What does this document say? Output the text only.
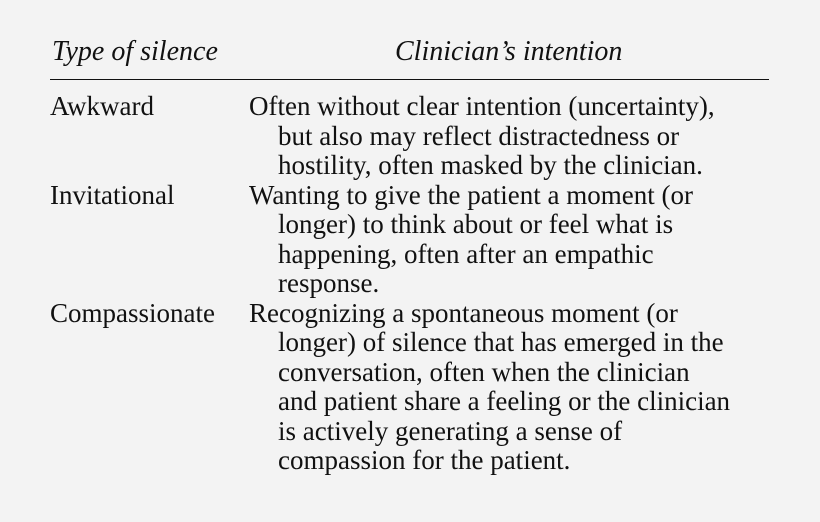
Type of silence	Clinician’s intention
Awkward	Often without clear intention (uncertainty),
but also may reflect distractedness or
hostility, often masked by the clinician.
Invitational	Wanting to give the patient a moment (or
longer) to think about or feel what is
happening, often after an empathic
response.
Compassionate Recognizing a spontaneous moment (or
longer) of silence that has emerged in the
conversation, often when the clinician
and patient share a feeling or the clinician
is actively generating a sense of
compassion for the patient.
